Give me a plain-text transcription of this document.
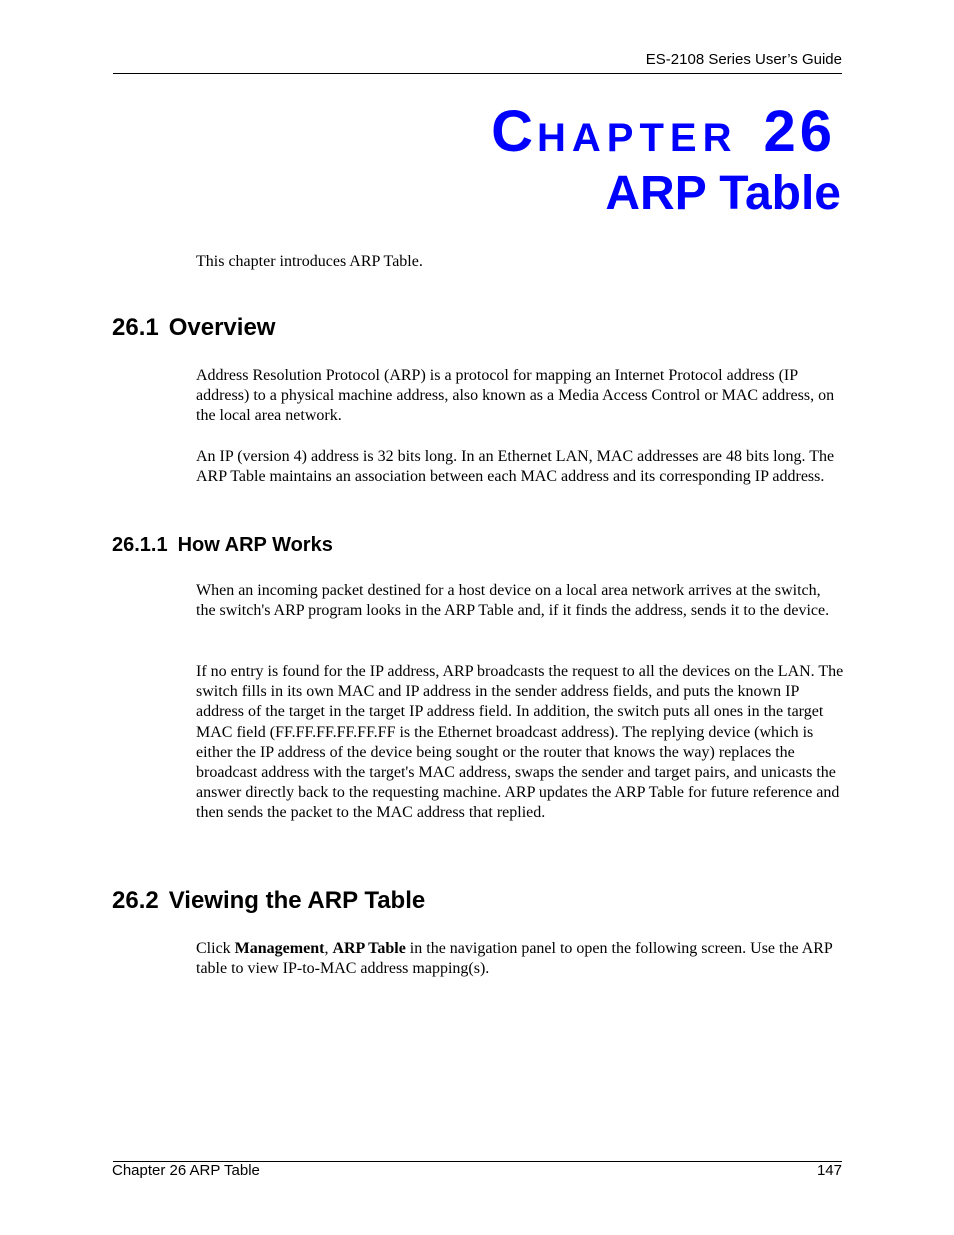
ES-2108 Series User’s Guide
CHAPTER 26
ARP Table

This chapter introduces ARP Table.

26.1 Overview

Address Resolution Protocol (ARP) is a protocol for mapping an Internet Protocol address (IP address) to a physical machine address, also known as a Media Access Control or MAC address, on the local area network.

An IP (version 4) address is 32 bits long. In an Ethernet LAN, MAC addresses are 48 bits long. The ARP Table maintains an association between each MAC address and its corresponding IP address.

26.1.1 How ARP Works

When an incoming packet destined for a host device on a local area network arrives at the switch, the switch's ARP program looks in the ARP Table and, if it finds the address, sends it to the device.

If no entry is found for the IP address, ARP broadcasts the request to all the devices on the LAN. The switch fills in its own MAC and IP address in the sender address fields, and puts the known IP address of the target in the target IP address field. In addition, the switch puts all ones in the target MAC field (FF.FF.FF.FF.FF.FF is the Ethernet broadcast address). The replying device (which is either the IP address of the device being sought or the router that knows the way) replaces the broadcast address with the target's MAC address, swaps the sender and target pairs, and unicasts the answer directly back to the requesting machine. ARP updates the ARP Table for future reference and then sends the packet to the MAC address that replied.

26.2 Viewing the ARP Table

Click Management, ARP Table in the navigation panel to open the following screen. Use the ARP table to view IP-to-MAC address mapping(s).

Chapter 26 ARP Table	147
